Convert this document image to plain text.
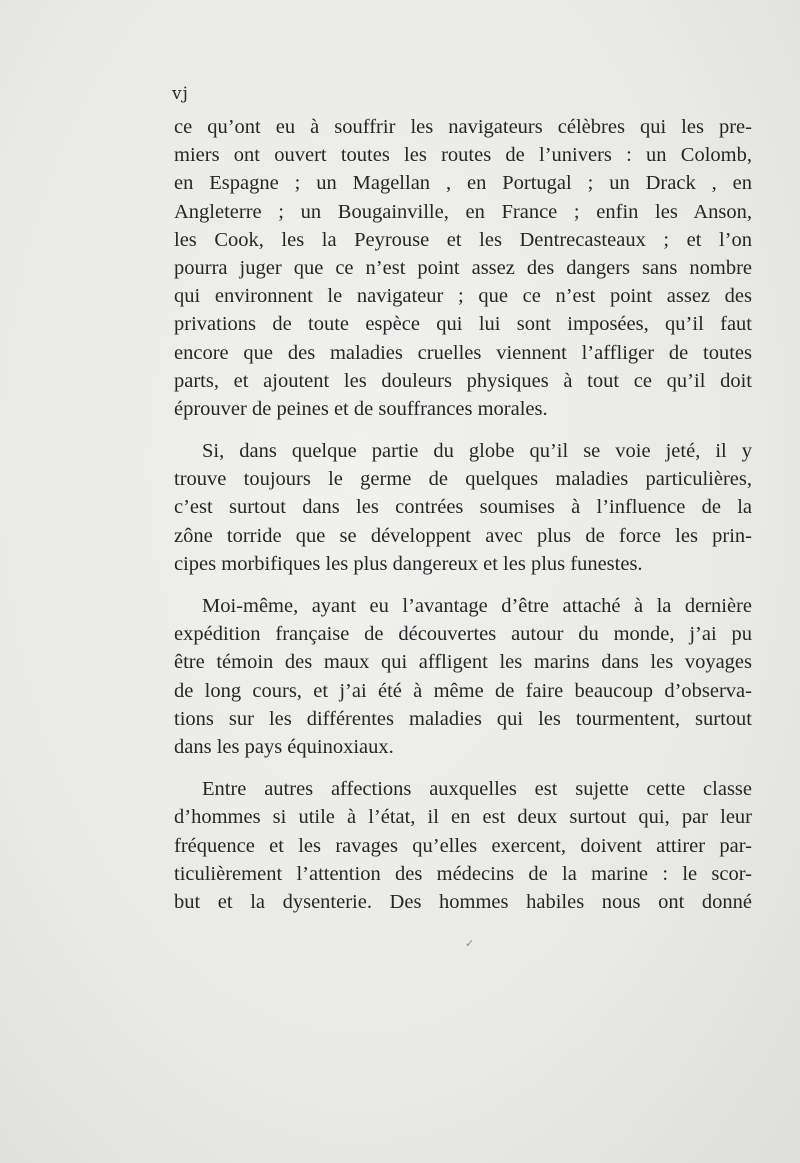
vj

ce qu’ont eu à souffrir les navigateurs célèbres qui les pre-
miers ont ouvert toutes les routes de l’univers : un Colomb,
en Espagne ; un Magellan , en Portugal ; un Drack , en
Angleterre ; un Bougainville, en France ; enfin les Anson,
les Cook, les la Peyrouse et les Dentrecasteaux ; et l’on
pourra juger que ce n’est point assez des dangers sans nombre
qui environnent le navigateur ; que ce n’est point assez des
privations de toute espèce qui lui sont imposées, qu’il faut
encore que des maladies cruelles viennent l’affliger de toutes
parts, et ajoutent les douleurs physiques à tout ce qu’il doit
éprouver de peines et de souffrances morales.

Si, dans quelque partie du globe qu’il se voie jeté, il y
trouve toujours le germe de quelques maladies particulières,
c’est surtout dans les contrées soumises à l’influence de la
zône torride que se développent avec plus de force les prin-
cipes morbifiques les plus dangereux et les plus funestes.

Moi-même, ayant eu l’avantage d’être attaché à la dernière
expédition française de découvertes autour du monde, j’ai pu
être témoin des maux qui affligent les marins dans les voyages
de long cours, et j’ai été à même de faire beaucoup d’observa-
tions sur les différentes maladies qui les tourmentent, surtout
dans les pays équinoxiaux.

Entre autres affections auxquelles est sujette cette classe
d’hommes si utile à l’état, il en est deux surtout qui, par leur
fréquence et les ravages qu’elles exercent, doivent attirer par-
ticulièrement l’attention des médecins de la marine : le scor-
but et la dysenterie. Des hommes habiles nous ont donné

✓
